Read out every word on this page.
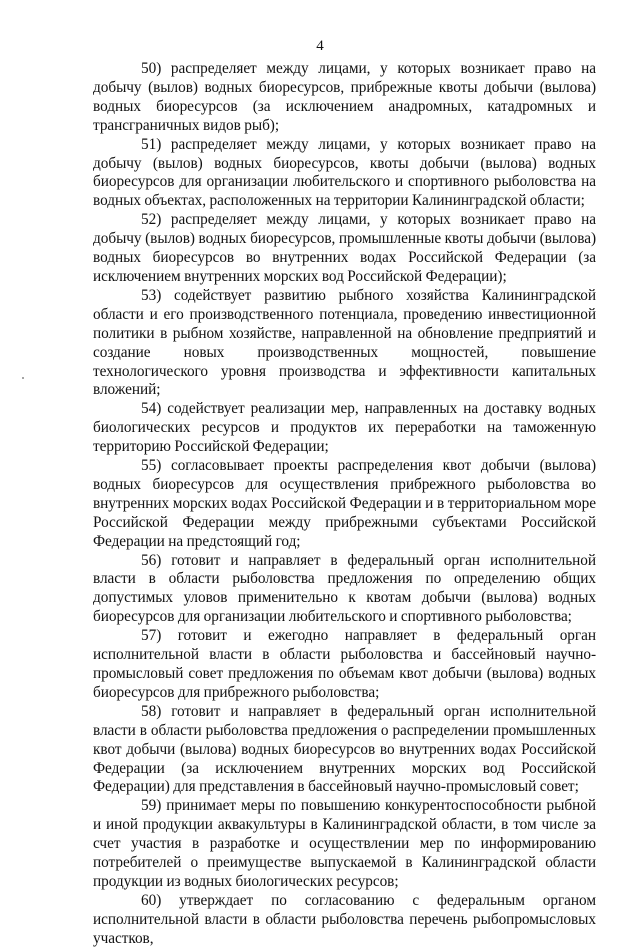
4

50) распределяет между лицами, у которых возникает право на добычу (вылов) водных биоресурсов, прибрежные квоты добычи (вылова) водных биоресурсов (за исключением анадромных, катадромных и трансграничных видов рыб);

51) распределяет между лицами, у которых возникает право на добычу (вылов) водных биоресурсов, квоты добычи (вылова) водных биоресурсов для организации любительского и спортивного рыболовства на водных объектах, расположенных на территории Калининградской области;

52) распределяет между лицами, у которых возникает право на добычу (вылов) водных биоресурсов, промышленные квоты добычи (вылова) водных биоресурсов во внутренних водах Российской Федерации (за исключением внутренних морских вод Российской Федерации);

53) содействует развитию рыбного хозяйства Калининградской области и его производственного потенциала, проведению инвестиционной политики в рыбном хозяйстве, направленной на обновление предприятий и создание новых производственных мощностей, повышение технологического уровня производства и эффективности капитальных вложений;

54) содействует реализации мер, направленных на доставку водных биологических ресурсов и продуктов их переработки на таможенную территорию Российской Федерации;

55) согласовывает проекты распределения квот добычи (вылова) водных биоресурсов для осуществления прибрежного рыболовства во внутренних морских водах Российской Федерации и в территориальном море Российской Федерации между прибрежными субъектами Российской Федерации на предстоящий год;

56) готовит и направляет в федеральный орган исполнительной власти в области рыболовства предложения по определению общих допустимых уловов применительно к квотам добычи (вылова) водных биоресурсов для организации любительского и спортивного рыболовства;

57) готовит и ежегодно направляет в федеральный орган исполнительной власти в области рыболовства и бассейновый научно-промысловый совет предложения по объемам квот добычи (вылова) водных биоресурсов для прибрежного рыболовства;

58) готовит и направляет в федеральный орган исполнительной власти в области рыболовства предложения о распределении промышленных квот добычи (вылова) водных биоресурсов во внутренних водах Российской Федерации (за исключением внутренних морских вод Российской Федерации) для представления в бассейновый научно-промысловый совет;

59) принимает меры по повышению конкурентоспособности рыбной и иной продукции аквакультуры в Калининградской области, в том числе за счет участия в разработке и осуществлении мер по информированию потребителей о преимуществе выпускаемой в Калининградской области продукции из водных биологических ресурсов;

60) утверждает по согласованию с федеральным органом исполнительной власти в области рыболовства перечень рыбопромысловых участков,
